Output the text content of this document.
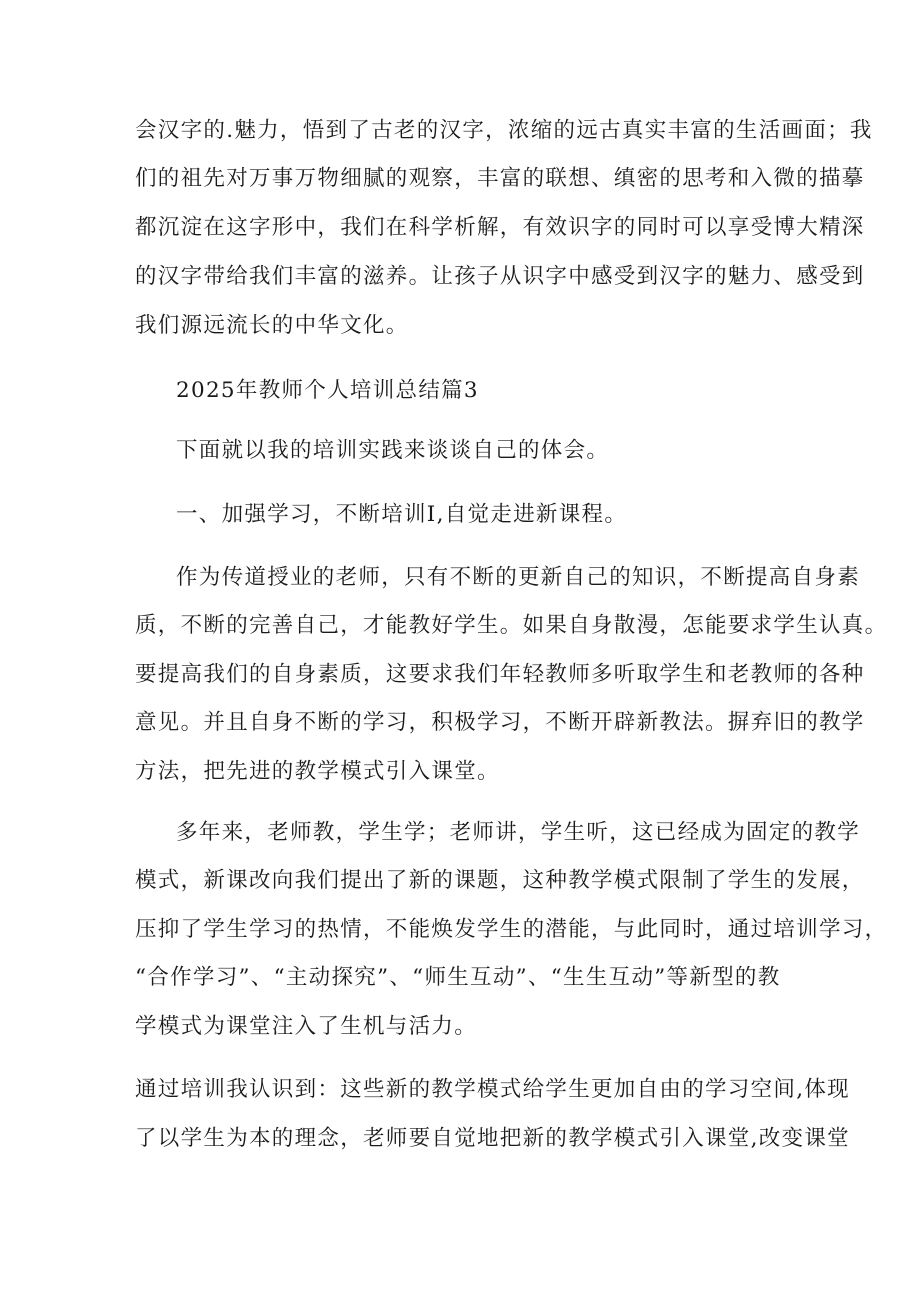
会汉字的.魅力，悟到了古老的汉字，浓缩的远古真实丰富的生活画面；我
们的祖先对万事万物细腻的观察，丰富的联想、缜密的思考和入微的描摹
都沉淀在这字形中，我们在科学析解，有效识字的同时可以享受博大精深
的汉字带给我们丰富的滋养。让孩子从识字中感受到汉字的魅力、感受到
我们源远流长的中华文化。
2025年教师个人培训总结篇3
下面就以我的培训实践来谈谈自己的体会。
一、加强学习，不断培训I,自觉走进新课程。
作为传道授业的老师，只有不断的更新自己的知识，不断提高自身素
质，不断的完善自己，才能教好学生。如果自身散漫，怎能要求学生认真。
要提高我们的自身素质，这要求我们年轻教师多听取学生和老教师的各种
意见。并且自身不断的学习，积极学习，不断开辟新教法。摒弃旧的教学
方法，把先进的教学模式引入课堂。
多年来，老师教，学生学；老师讲，学生听，这已经成为固定的教学
模式，新课改向我们提出了新的课题，这种教学模式限制了学生的发展，
压抑了学生学习的热情，不能焕发学生的潜能，与此同时，通过培训学习，
“合作学习”、“主动探究”、“师生互动”、“生生互动”等新型的教
学模式为课堂注入了生机与活力。
通过培训我认识到：这些新的教学模式给学生更加自由的学习空间,体现
了以学生为本的理念，老师要自觉地把新的教学模式引入课堂,改变课堂
